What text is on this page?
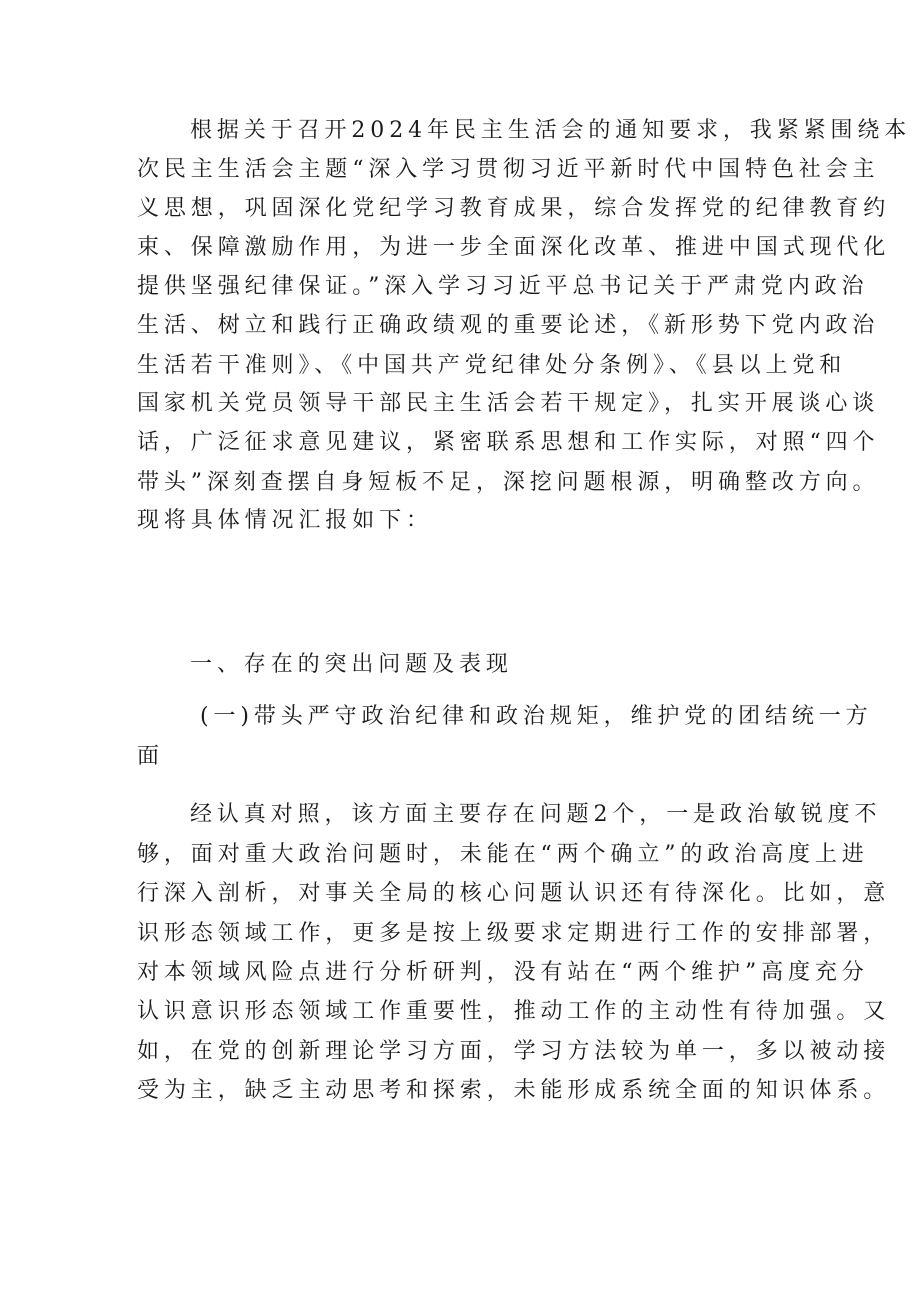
根据关于召开2024年民主生活会的通知要求，我紧紧围绕本
次民主生活会主题“深入学习贯彻习近平新时代中国特色社会主
义思想，巩固深化党纪学习教育成果，综合发挥党的纪律教育约
束、保障激励作用，为进一步全面深化改革、推进中国式现代化
提供坚强纪律保证。”深入学习习近平总书记关于严肃党内政治
生活、树立和践行正确政绩观的重要论述，《新形势下党内政治
生活若干准则》、《中国共产党纪律处分条例》、《县以上党和
国家机关党员领导干部民主生活会若干规定》，扎实开展谈心谈
话，广泛征求意见建议，紧密联系思想和工作实际，对照“四个
带头”深刻查摆自身短板不足，深挖问题根源，明确整改方向。
现将具体情况汇报如下：
一、存在的突出问题及表现
(一)带头严守政治纪律和政治规矩，维护党的团结统一方
面
经认真对照，该方面主要存在问题2个，一是政治敏锐度不
够，面对重大政治问题时，未能在“两个确立”的政治高度上进
行深入剖析，对事关全局的核心问题认识还有待深化。比如，意
识形态领域工作，更多是按上级要求定期进行工作的安排部署，
对本领域风险点进行分析研判，没有站在“两个维护”高度充分
认识意识形态领域工作重要性，推动工作的主动性有待加强。又
如，在党的创新理论学习方面，学习方法较为单一，多以被动接
受为主，缺乏主动思考和探索，未能形成系统全面的知识体系。
